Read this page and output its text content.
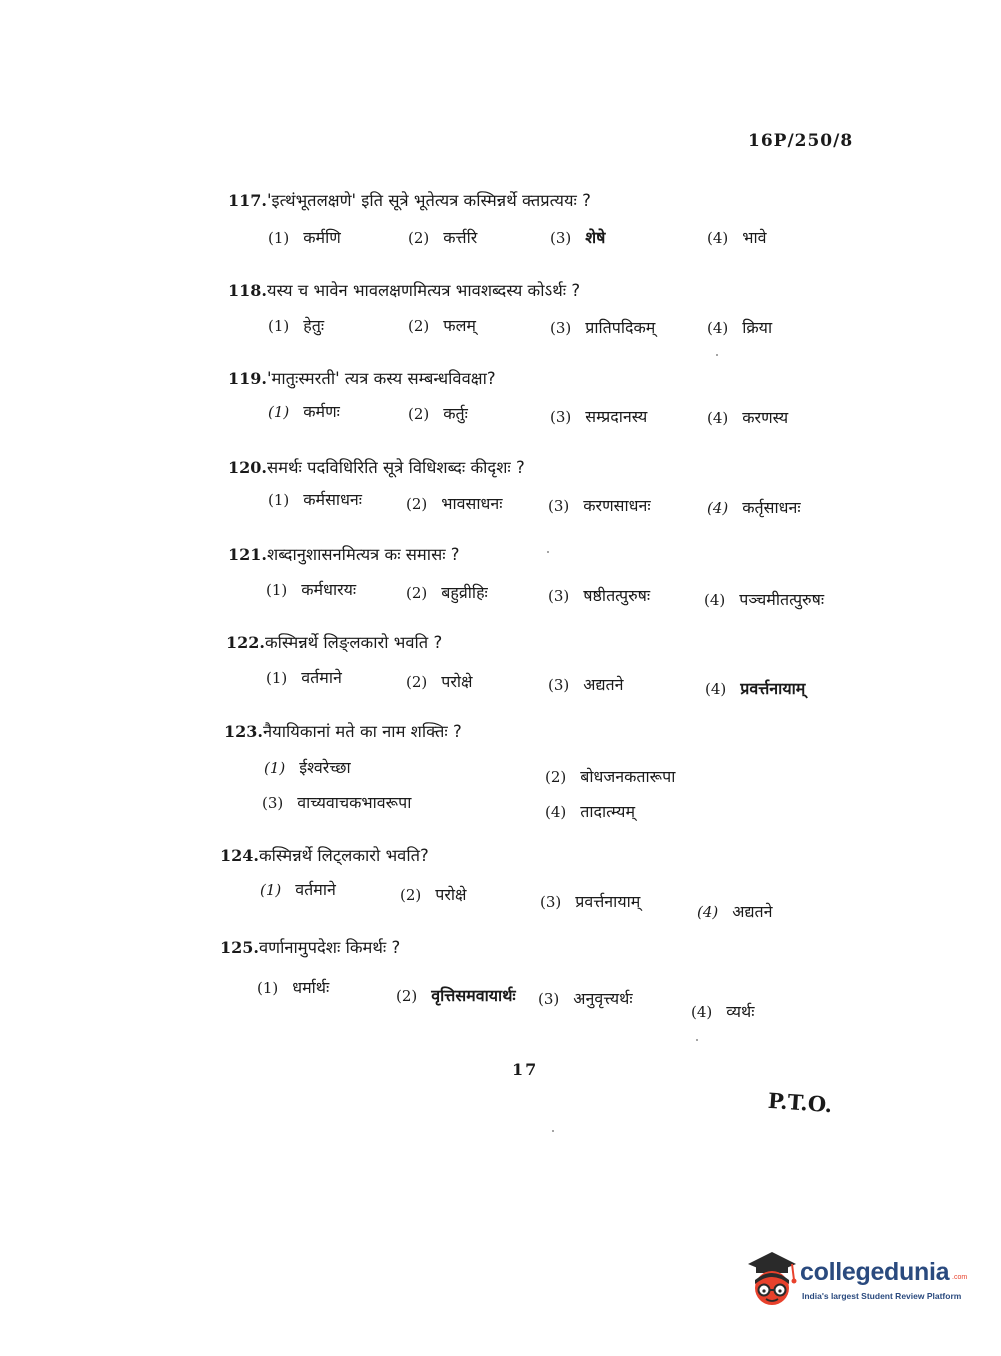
16P/250/8
117.'इत्थंभूतलक्षणे' इति सूत्रे भूतेत्यत्र कस्मिन्नर्थे क्तप्रत्ययः ?
(1) कर्मणि	(2) कर्त्तरि	(3) शेषे	(4) भावे
118.यस्य च भावेन भावलक्षणमित्यत्र भावशब्दस्य कोऽर्थः ?
(1) हेतुः	(2) फलम्	(3) प्रातिपदिकम्	(4) क्रिया
119.'मातुःस्मरती' त्यत्र कस्य सम्बन्धविवक्षा?
(1) कर्मणः	(2) कर्तुः	(3) सम्प्रदानस्य	(4) करणस्य
120.समर्थः पदविधिरिति सूत्रे विधिशब्दः कीदृशः ?
(1) कर्मसाधनः	(2) भावसाधनः	(3) करणसाधनः	(4) कर्तृसाधनः
121.शब्दानुशासनमित्यत्र कः समासः ?
(1) कर्मधारयः	(2) बहुव्रीहिः	(3) षष्ठीतत्पुरुषः	(4) पञ्चमीतत्पुरुषः
122.कस्मिन्नर्थे लिङ्लकारो भवति ?
(1) वर्तमाने	(2) परोक्षे	(3) अद्यतने	(4) प्रवर्त्तनायाम्
123.नैयायिकानां मते का नाम शक्तिः ?
(1) ईश्वरेच्छा	(2) बोधजनकतारूपा
(3) वाच्यवाचकभावरूपा	(4) तादात्म्यम्
124.कस्मिन्नर्थे लिट्लकारो भवति?
(1) वर्तमाने	(2) परोक्षे	(3) प्रवर्त्तनायाम्
(4) अद्यतने
125.वर्णानामुपदेशः किमर्थः ?
(1) धर्मार्थः	(2) वृत्तिसमवायार्थः (3) अनुवृत्त्यर्थः
(4) व्यर्थः
17
P.T.O.
collegedunia .com
India's largest Student Review Platform
